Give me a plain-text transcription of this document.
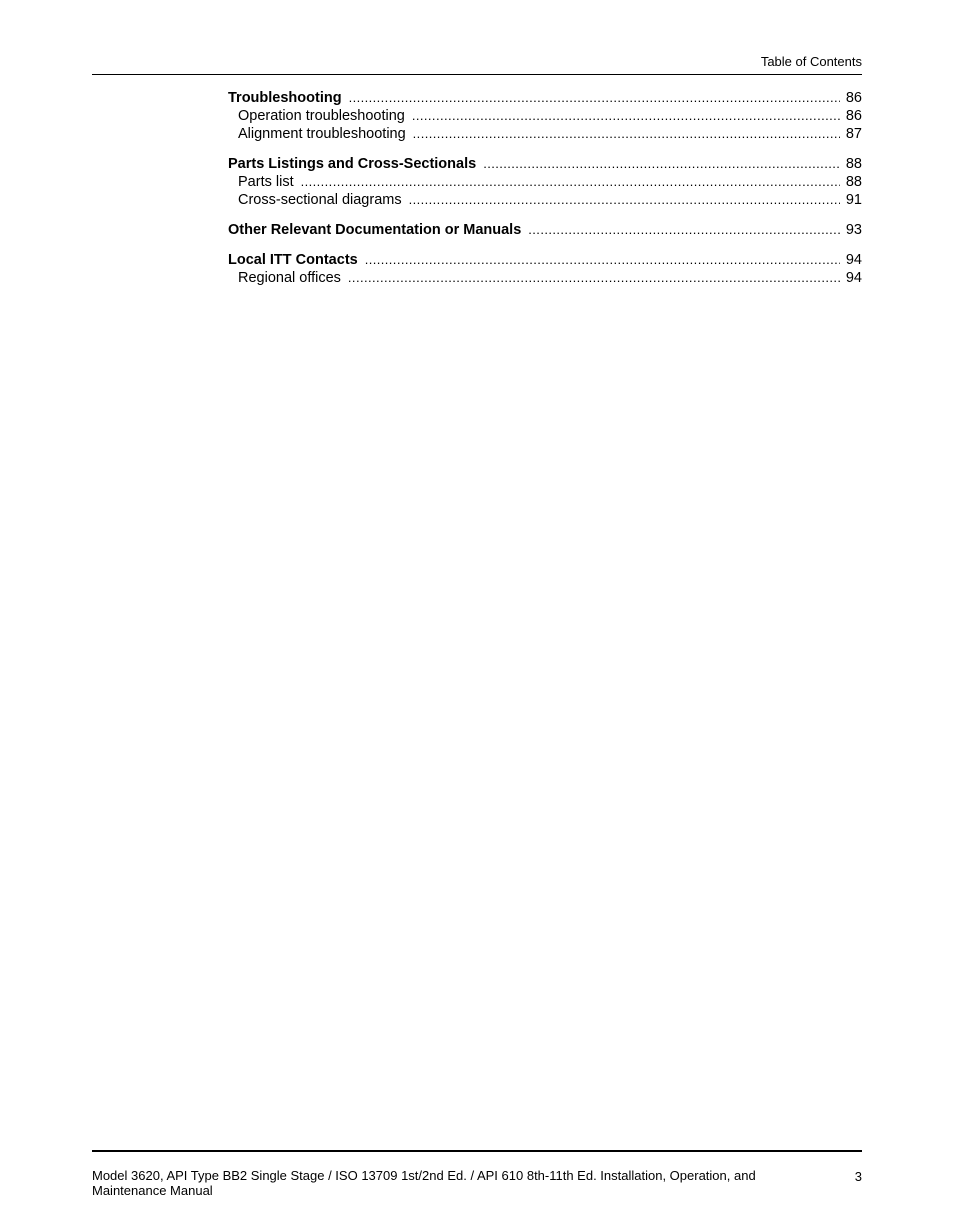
Table of Contents
Troubleshooting .....	86
Operation troubleshooting .....	86
Alignment troubleshooting .....	87
Parts Listings and Cross-Sectionals .....	88
Parts list .....	88
Cross-sectional diagrams .....	91
Other Relevant Documentation or Manuals .....	93
Local ITT Contacts .....	94
Regional offices .....	94
Model 3620, API Type BB2 Single Stage / ISO 13709 1st/2nd Ed. / API 610 8th-11th Ed. Installation, Operation, and Maintenance Manual
3
